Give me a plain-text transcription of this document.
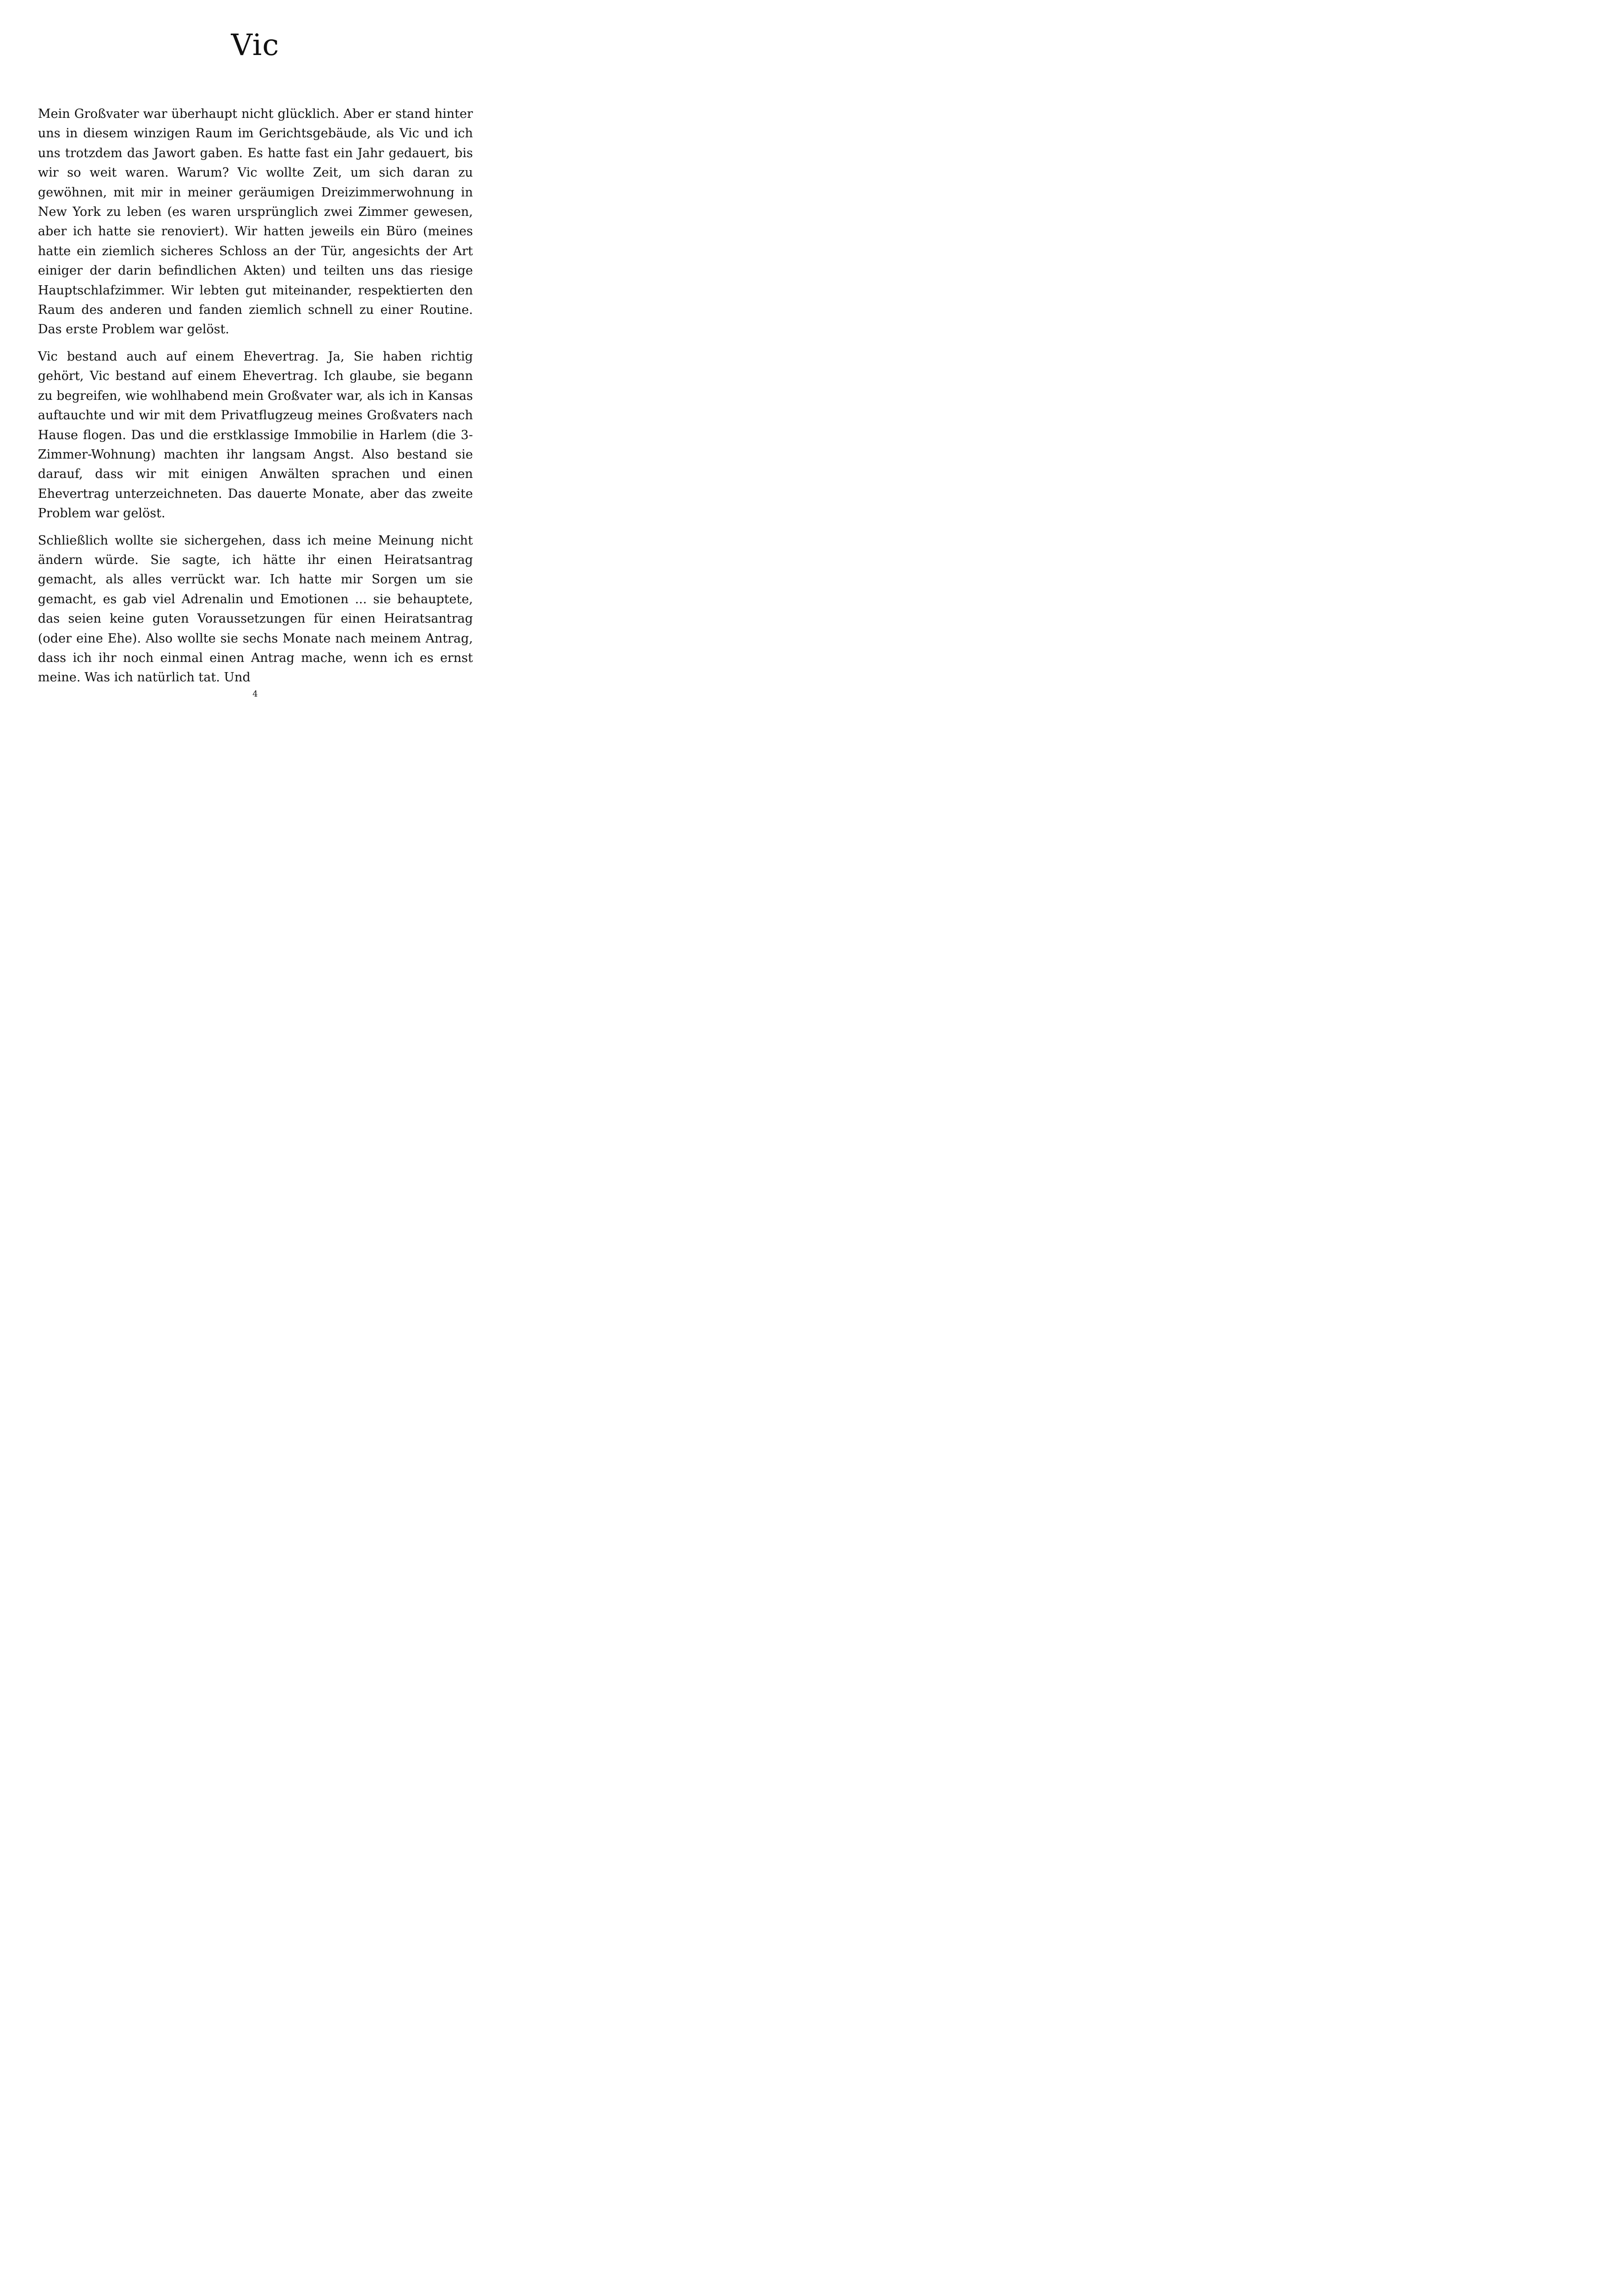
Vic

Mein Großvater war überhaupt nicht glücklich. Aber er stand hinter uns in diesem winzigen Raum im Gerichtsgebäude, als Vic und ich uns trotzdem das Jawort gaben. Es hatte fast ein Jahr gedauert, bis wir so weit waren. Warum? Vic wollte Zeit, um sich daran zu gewöhnen, mit mir in meiner geräumigen Dreizimmerwohnung in New York zu leben (es waren ursprünglich zwei Zimmer gewesen, aber ich hatte sie renoviert). Wir hatten jeweils ein Büro (meines hatte ein ziemlich sicheres Schloss an der Tür, angesichts der Art einiger der darin befindlichen Akten) und teilten uns das riesige Hauptschlafzimmer. Wir lebten gut miteinander, respektierten den Raum des anderen und fanden ziemlich schnell zu einer Routine. Das erste Problem war gelöst.

Vic bestand auch auf einem Ehevertrag. Ja, Sie haben richtig gehört, Vic bestand auf einem Ehevertrag. Ich glaube, sie begann zu begreifen, wie wohlhabend mein Großvater war, als ich in Kansas auftauchte und wir mit dem Privatflugzeug meines Großvaters nach Hause flogen. Das und die erstklassige Immobilie in Harlem (die 3-Zimmer-Wohnung) machten ihr langsam Angst. Also bestand sie darauf, dass wir mit einigen Anwälten sprachen und einen Ehevertrag unterzeichneten. Das dauerte Monate, aber das zweite Problem war gelöst.

Schließlich wollte sie sichergehen, dass ich meine Meinung nicht ändern würde. Sie sagte, ich hätte ihr einen Heiratsantrag gemacht, als alles verrückt war. Ich hatte mir Sorgen um sie gemacht, es gab viel Adrenalin und Emotionen ... sie behauptete, das seien keine guten Voraussetzungen für einen Heiratsantrag (oder eine Ehe). Also wollte sie sechs Monate nach meinem Antrag, dass ich ihr noch einmal einen Antrag mache, wenn ich es ernst meine. Was ich natürlich tat. Und

4
